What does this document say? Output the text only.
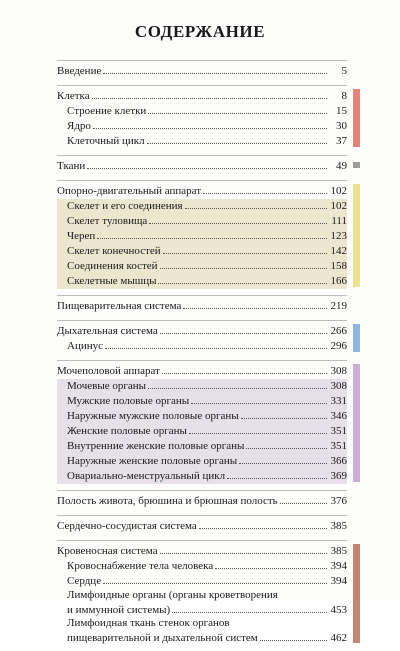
СОДЕРЖАНИЕ
Введение	5
Клетка	8
Строение клетки	15
Ядро	30
Клеточный цикл	37
Ткани	49
Опорно-двигательный аппарат	102
Скелет и его соединения	102
Скелет туловища	111
Череп	123
Скелет конечностей	142
Соединения костей	158
Скелетные мышцы	166
Пищеварительная система	219
Дыхательная система	266
Ацинус	296
Мочеполовой аппарат	308
Мочевые органы	308
Мужские половые органы	331
Наружные мужские половые органы	346
Женские половые органы	351
Внутренние женские половые органы	351
Наружные женские половые органы	366
Овариально-менструальный цикл	369
Полость живота, брюшина и брюшная полость	376
Сердечно-сосудистая система	385
Кровеносная система	385
Кровоснабжение тела человека	394
Сердце	394
Лимфоидные органы (органы кроветворения
и иммунной системы)	453
Лимфоидная ткань стенок органов
пищеварительной и дыхательной систем	462
